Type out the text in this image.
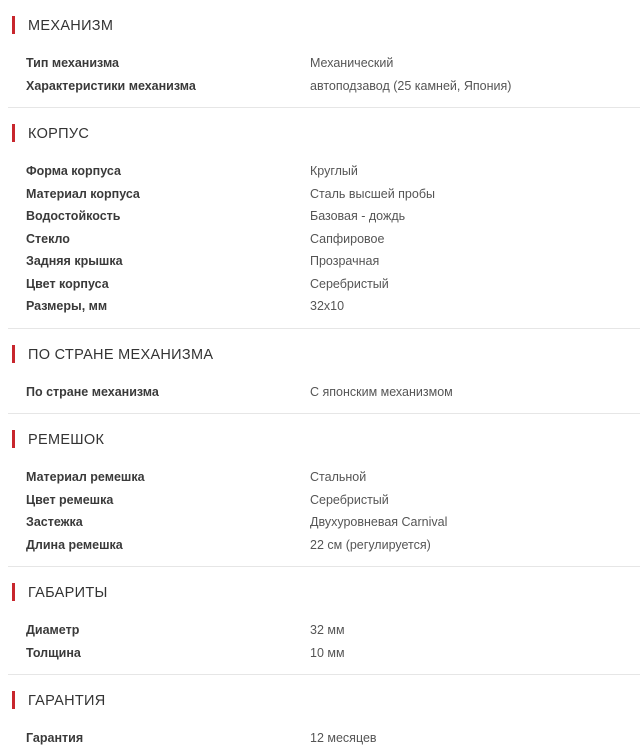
МЕХАНИЗМ
Тип механизма	Механический
Характеристики механизма	автоподзавод (25 камней, Япония)
КОРПУС
Форма корпуса	Круглый
Материал корпуса	Сталь высшей пробы
Водостойкость	Базовая - дождь
Стекло	Сапфировое
Задняя крышка	Прозрачная
Цвет корпуса	Серебристый
Размеры, мм	32x10
ПО СТРАНЕ МЕХАНИЗМА
По стране механизма	С японским механизмом
РЕМЕШОК
Материал ремешка	Стальной
Цвет ремешка	Серебристый
Застежка	Двухуровневая Carnival
Длина ремешка	22 см (регулируется)
ГАБАРИТЫ
Диаметр	32 мм
Толщина	10 мм
ГАРАНТИЯ
Гарантия	12 месяцев
